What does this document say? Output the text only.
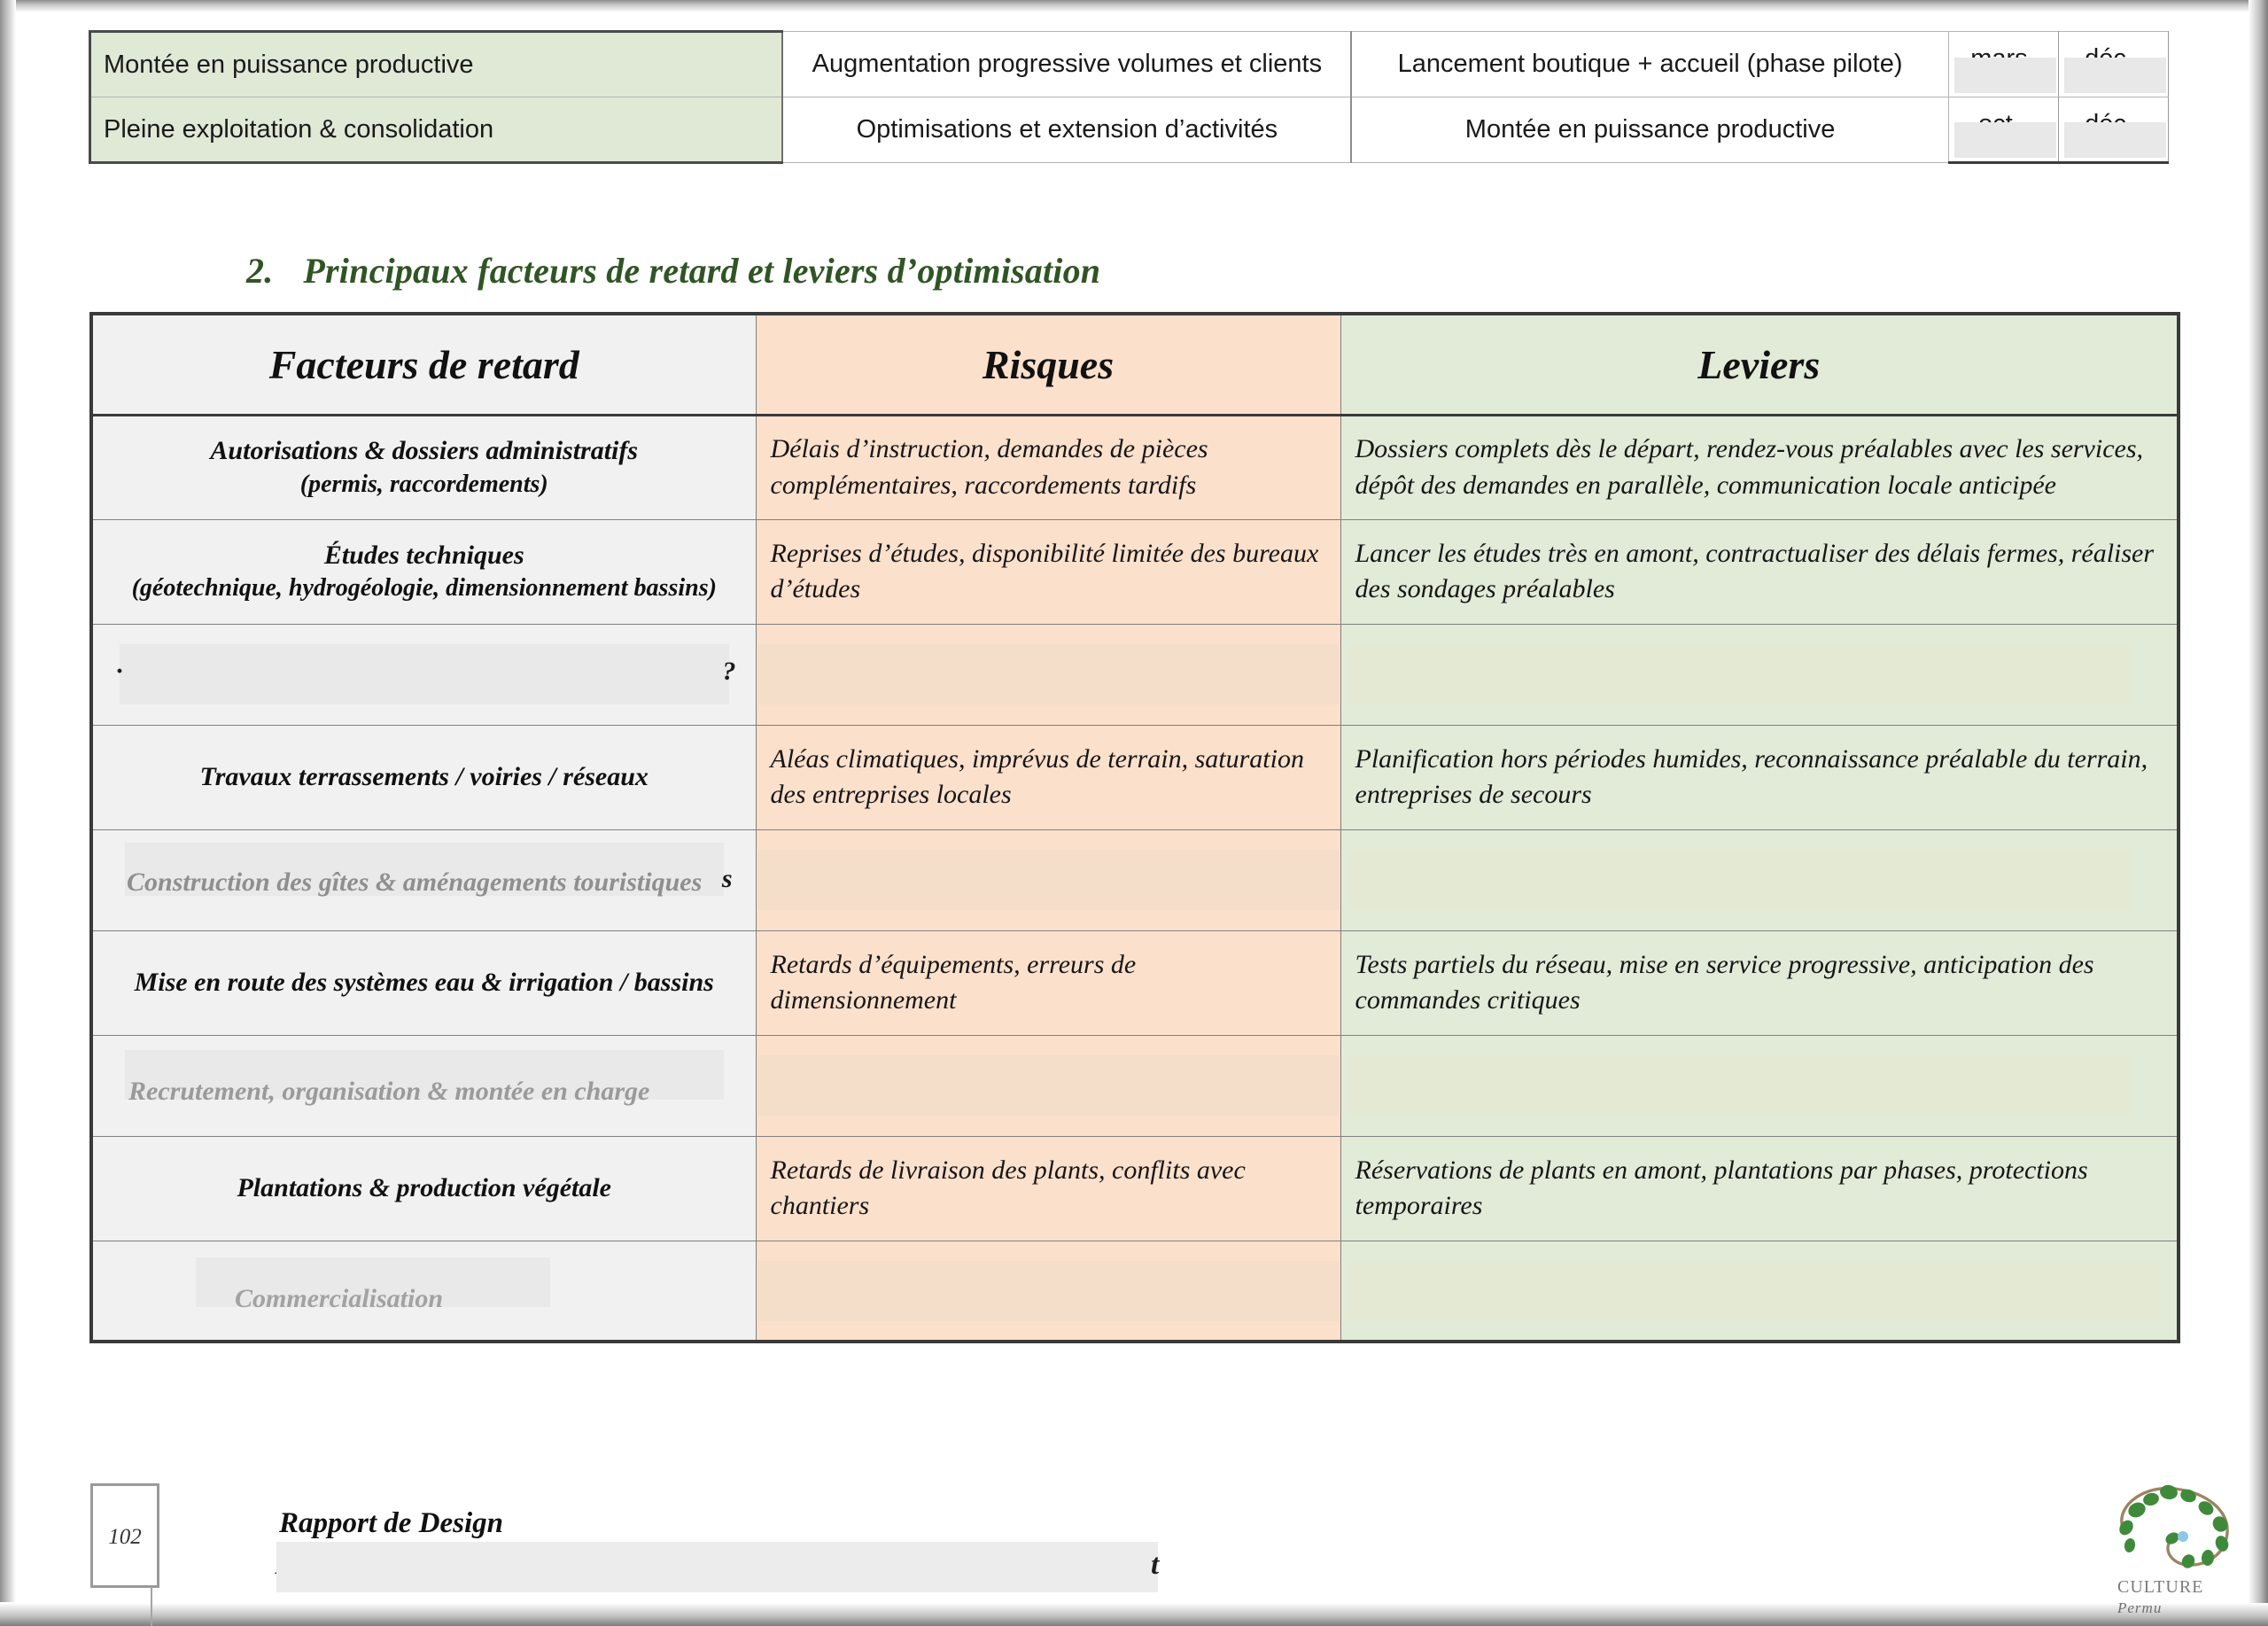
Montée en puissance productive	Augmentation progressive volumes et clients	Lancement boutique + accueil (phase pilote)	

Pleine exploitation & consolidation	Optimisations et extension d’activités	Montée en puissance productive	

2. Principaux facteurs de retard et leviers d’optimisation
Facteurs de retard	Risques	Leviers
Autorisations & dossiers administratifs
(permis, raccordements)	Délais d’instruction, demandes de pièces complémentaires, raccordements tardifs	Dossiers complets dès le départ, rendez-vous préalables avec les services, dépôt des demandes en parallèle, communication locale anticipée
Études techniques
(géotechnique, hydrogéologie, dimensionnement bassins)	Reprises d’études, disponibilité limitée des bureaux d’études	Lancer les études très en amont, contractualiser des délais fermes, réaliser des sondages préalables

· ?		

Travaux terrassements / voiries / réseaux	Aléas climatiques, imprévus de terrain, saturation des entreprises locales	Planification hors périodes humides, reconnaissance préalable du terrain, entreprises de secours

Construction des gîtes & aménagements touristiques s		

Mise en route des systèmes eau & irrigation / bassins	Retards d’équipements, erreurs de dimensionnement	Tests partiels du réseau, mise en service progressive, anticipation des commandes critiques

Recrutement, organisation & montée en charge		

Plantations & production végétale	Retards de livraison des plants, conflits avec chantiers	Réservations de plants en amont, plantations par phases, protections temporaires

Commercialisation		

102	Rapport de Design
t
CULTURE Permu
